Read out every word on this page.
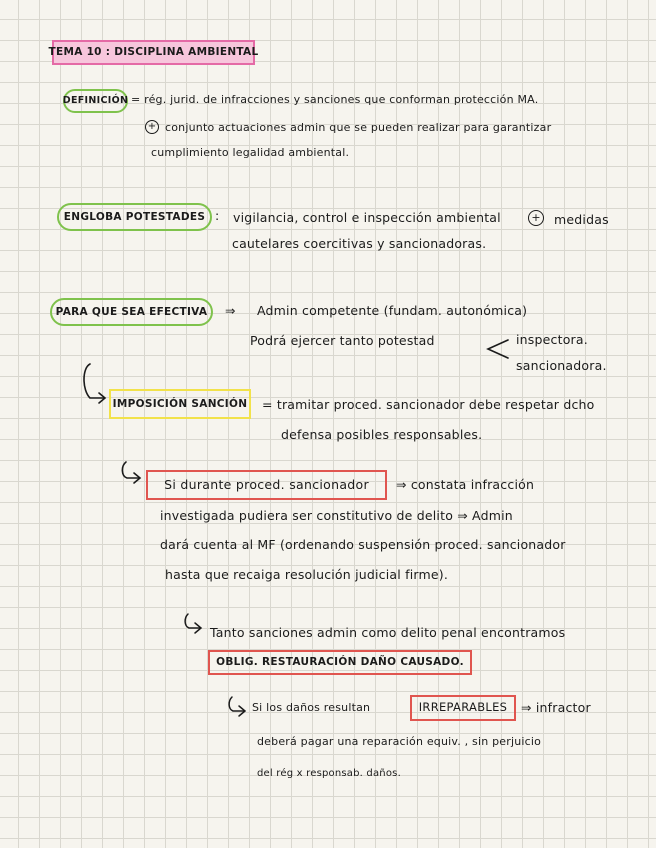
TEMA 10 : DISCIPLINA AMBIENTAL
DEFINICIÓN = rég. jurid. de infracciones y sanciones que conforman protección MA.
+ conjunto actuaciones admin que se pueden realizar para garantizar
cumplimiento legalidad ambiental.
ENGLOBA POTESTADES : vigilancia, control e inspección ambiental	+ medidas
cautelares coercitivas y sancionadoras.
PARA QUE SEA EFECTIVA ⇒ Admin competente (fundam. autonómica)
Podrá ejercer tanto potestad	inspectora.
sancionadora.
IMPOSICIÓN SANCIÓN = tramitar proced. sancionador debe respetar dcho
defensa posibles responsables.
Si durante proced. sancionador ⇒ constata infracción
investigada pudiera ser constitutivo de delito ⇒ Admin
dará cuenta al MF (ordenando suspensión proced. sancionador
hasta que recaiga resolución judicial firme).
Tanto sanciones admin como delito penal encontramos
OBLIG. RESTAURACIÓN DAÑO CAUSADO.
Si los daños resultan	IRREPARABLES ⇒ infractor
deberá pagar una reparación equiv. , sin perjuicio
del rég x responsab. daños.
